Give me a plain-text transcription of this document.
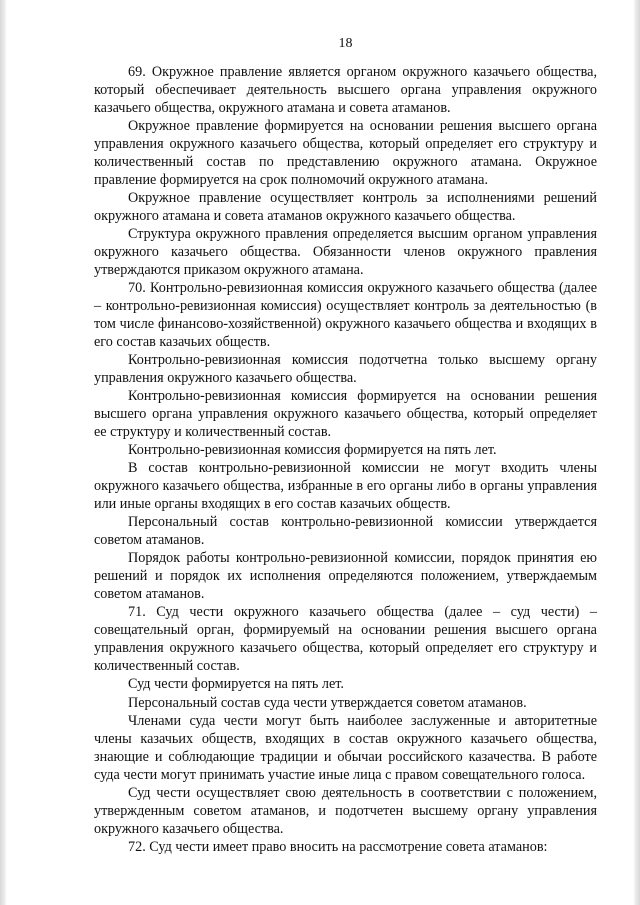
18

69. Окружное правление является органом окружного казачьего общества, который обеспечивает деятельность высшего органа управления окружного казачьего общества, окружного атамана и совета атаманов.

Окружное правление формируется на основании решения высшего органа управления окружного казачьего общества, который определяет его структуру и количественный состав по представлению окружного атамана. Окружное правление формируется на срок полномочий окружного атамана.

Окружное правление осуществляет контроль за исполнениями решений окружного атамана и совета атаманов окружного казачьего общества.

Структура окружного правления определяется высшим органом управления окружного казачьего общества. Обязанности членов окружного правления утверждаются приказом окружного атамана.

70. Контрольно-ревизионная комиссия окружного казачьего общества (далее – контрольно-ревизионная комиссия) осуществляет контроль за деятельностью (в том числе финансово-хозяйственной) окружного казачьего общества и входящих в его состав казачьих обществ.

Контрольно-ревизионная комиссия подотчетна только высшему органу управления окружного казачьего общества.

Контрольно-ревизионная комиссия формируется на основании решения высшего органа управления окружного казачьего общества, который определяет ее структуру и количественный состав.

Контрольно-ревизионная комиссия формируется на пять лет.

В состав контрольно-ревизионной комиссии не могут входить члены окружного казачьего общества, избранные в его органы либо в органы управления или иные органы входящих в его состав казачьих обществ.

Персональный состав контрольно-ревизионной комиссии утверждается советом атаманов.

Порядок работы контрольно-ревизионной комиссии, порядок принятия ею решений и порядок их исполнения определяются положением, утверждаемым советом атаманов.

71. Суд чести окружного казачьего общества (далее – суд чести) – совещательный орган, формируемый на основании решения высшего органа управления окружного казачьего общества, который определяет его структуру и количественный состав.

Суд чести формируется на пять лет.

Персональный состав суда чести утверждается советом атаманов.

Членами суда чести могут быть наиболее заслуженные и авторитетные члены казачьих обществ, входящих в состав окружного казачьего общества, знающие и соблюдающие традиции и обычаи российского казачества. В работе суда чести могут принимать участие иные лица с правом совещательного голоса.

Суд чести осуществляет свою деятельность в соответствии с положением, утвержденным советом атаманов, и подотчетен высшему органу управления окружного казачьего общества.

72. Суд чести имеет право вносить на рассмотрение совета атаманов:
